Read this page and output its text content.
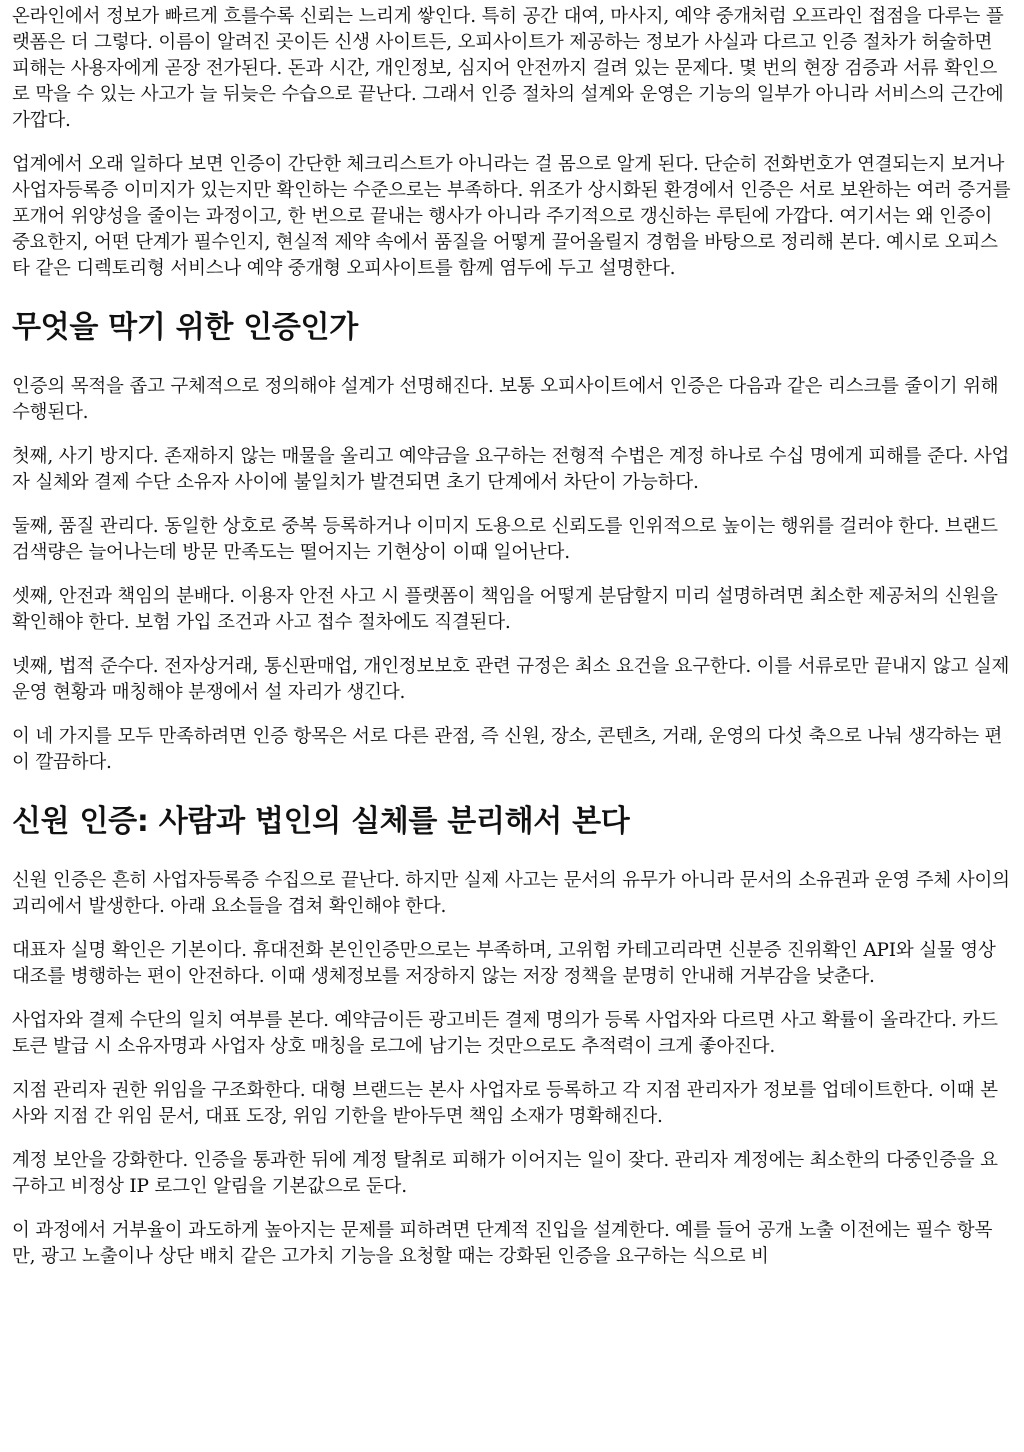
온라인에서 정보가 빠르게 흐를수록 신뢰는 느리게 쌓인다. 특히 공간 대여, 마사지, 예약 중개처럼 오프라인 접점을 다루는 플랫폼은 더 그렇다. 이름이 알려진 곳이든 신생 사이트든, 오피사이트가 제공하는 정보가 사실과 다르고 인증 절차가 허술하면 피해는 사용자에게 곧장 전가된다. 돈과 시간, 개인정보, 심지어 안전까지 걸려 있는 문제다. 몇 번의 현장 검증과 서류 확인으로 막을 수 있는 사고가 늘 뒤늦은 수습으로 끝난다. 그래서 인증 절차의 설계와 운영은 기능의 일부가 아니라 서비스의 근간에 가깝다.

업계에서 오래 일하다 보면 인증이 간단한 체크리스트가 아니라는 걸 몸으로 알게 된다. 단순히 전화번호가 연결되는지 보거나 사업자등록증 이미지가 있는지만 확인하는 수준으로는 부족하다. 위조가 상시화된 환경에서 인증은 서로 보완하는 여러 증거를 포개어 위양성을 줄이는 과정이고, 한 번으로 끝내는 행사가 아니라 주기적으로 갱신하는 루틴에 가깝다. 여기서는 왜 인증이 중요한지, 어떤 단계가 필수인지, 현실적 제약 속에서 품질을 어떻게 끌어올릴지 경험을 바탕으로 정리해 본다. 예시로 오피스타 같은 디렉토리형 서비스나 예약 중개형 오피사이트를 함께 염두에 두고 설명한다.

무엇을 막기 위한 인증인가

인증의 목적을 좁고 구체적으로 정의해야 설계가 선명해진다. 보통 오피사이트에서 인증은 다음과 같은 리스크를 줄이기 위해 수행된다.

첫째, 사기 방지다. 존재하지 않는 매물을 올리고 예약금을 요구하는 전형적 수법은 계정 하나로 수십 명에게 피해를 준다. 사업자 실체와 결제 수단 소유자 사이에 불일치가 발견되면 초기 단계에서 차단이 가능하다.

둘째, 품질 관리다. 동일한 상호로 중복 등록하거나 이미지 도용으로 신뢰도를 인위적으로 높이는 행위를 걸러야 한다. 브랜드 검색량은 늘어나는데 방문 만족도는 떨어지는 기현상이 이때 일어난다.

셋째, 안전과 책임의 분배다. 이용자 안전 사고 시 플랫폼이 책임을 어떻게 분담할지 미리 설명하려면 최소한 제공처의 신원을 확인해야 한다. 보험 가입 조건과 사고 접수 절차에도 직결된다.

넷째, 법적 준수다. 전자상거래, 통신판매업, 개인정보보호 관련 규정은 최소 요건을 요구한다. 이를 서류로만 끝내지 않고 실제 운영 현황과 매칭해야 분쟁에서 설 자리가 생긴다.

이 네 가지를 모두 만족하려면 인증 항목은 서로 다른 관점, 즉 신원, 장소, 콘텐츠, 거래, 운영의 다섯 축으로 나눠 생각하는 편이 깔끔하다.

신원 인증: 사람과 법인의 실체를 분리해서 본다

신원 인증은 흔히 사업자등록증 수집으로 끝난다. 하지만 실제 사고는 문서의 유무가 아니라 문서의 소유권과 운영 주체 사이의 괴리에서 발생한다. 아래 요소들을 겹쳐 확인해야 한다.

대표자 실명 확인은 기본이다. 휴대전화 본인인증만으로는 부족하며, 고위험 카테고리라면 신분증 진위확인 API와 실물 영상 대조를 병행하는 편이 안전하다. 이때 생체정보를 저장하지 않는 저장 정책을 분명히 안내해 거부감을 낮춘다.

사업자와 결제 수단의 일치 여부를 본다. 예약금이든 광고비든 결제 명의가 등록 사업자와 다르면 사고 확률이 올라간다. 카드 토큰 발급 시 소유자명과 사업자 상호 매칭을 로그에 남기는 것만으로도 추적력이 크게 좋아진다.

지점 관리자 권한 위임을 구조화한다. 대형 브랜드는 본사 사업자로 등록하고 각 지점 관리자가 정보를 업데이트한다. 이때 본사와 지점 간 위임 문서, 대표 도장, 위임 기한을 받아두면 책임 소재가 명확해진다.

계정 보안을 강화한다. 인증을 통과한 뒤에 계정 탈취로 피해가 이어지는 일이 잦다. 관리자 계정에는 최소한의 다중인증을 요구하고 비정상 IP 로그인 알림을 기본값으로 둔다.

이 과정에서 거부율이 과도하게 높아지는 문제를 피하려면 단계적 진입을 설계한다. 예를 들어 공개 노출 이전에는 필수 항목만, 광고 노출이나 상단 배치 같은 고가치 기능을 요청할 때는 강화된 인증을 요구하는 식으로 비
